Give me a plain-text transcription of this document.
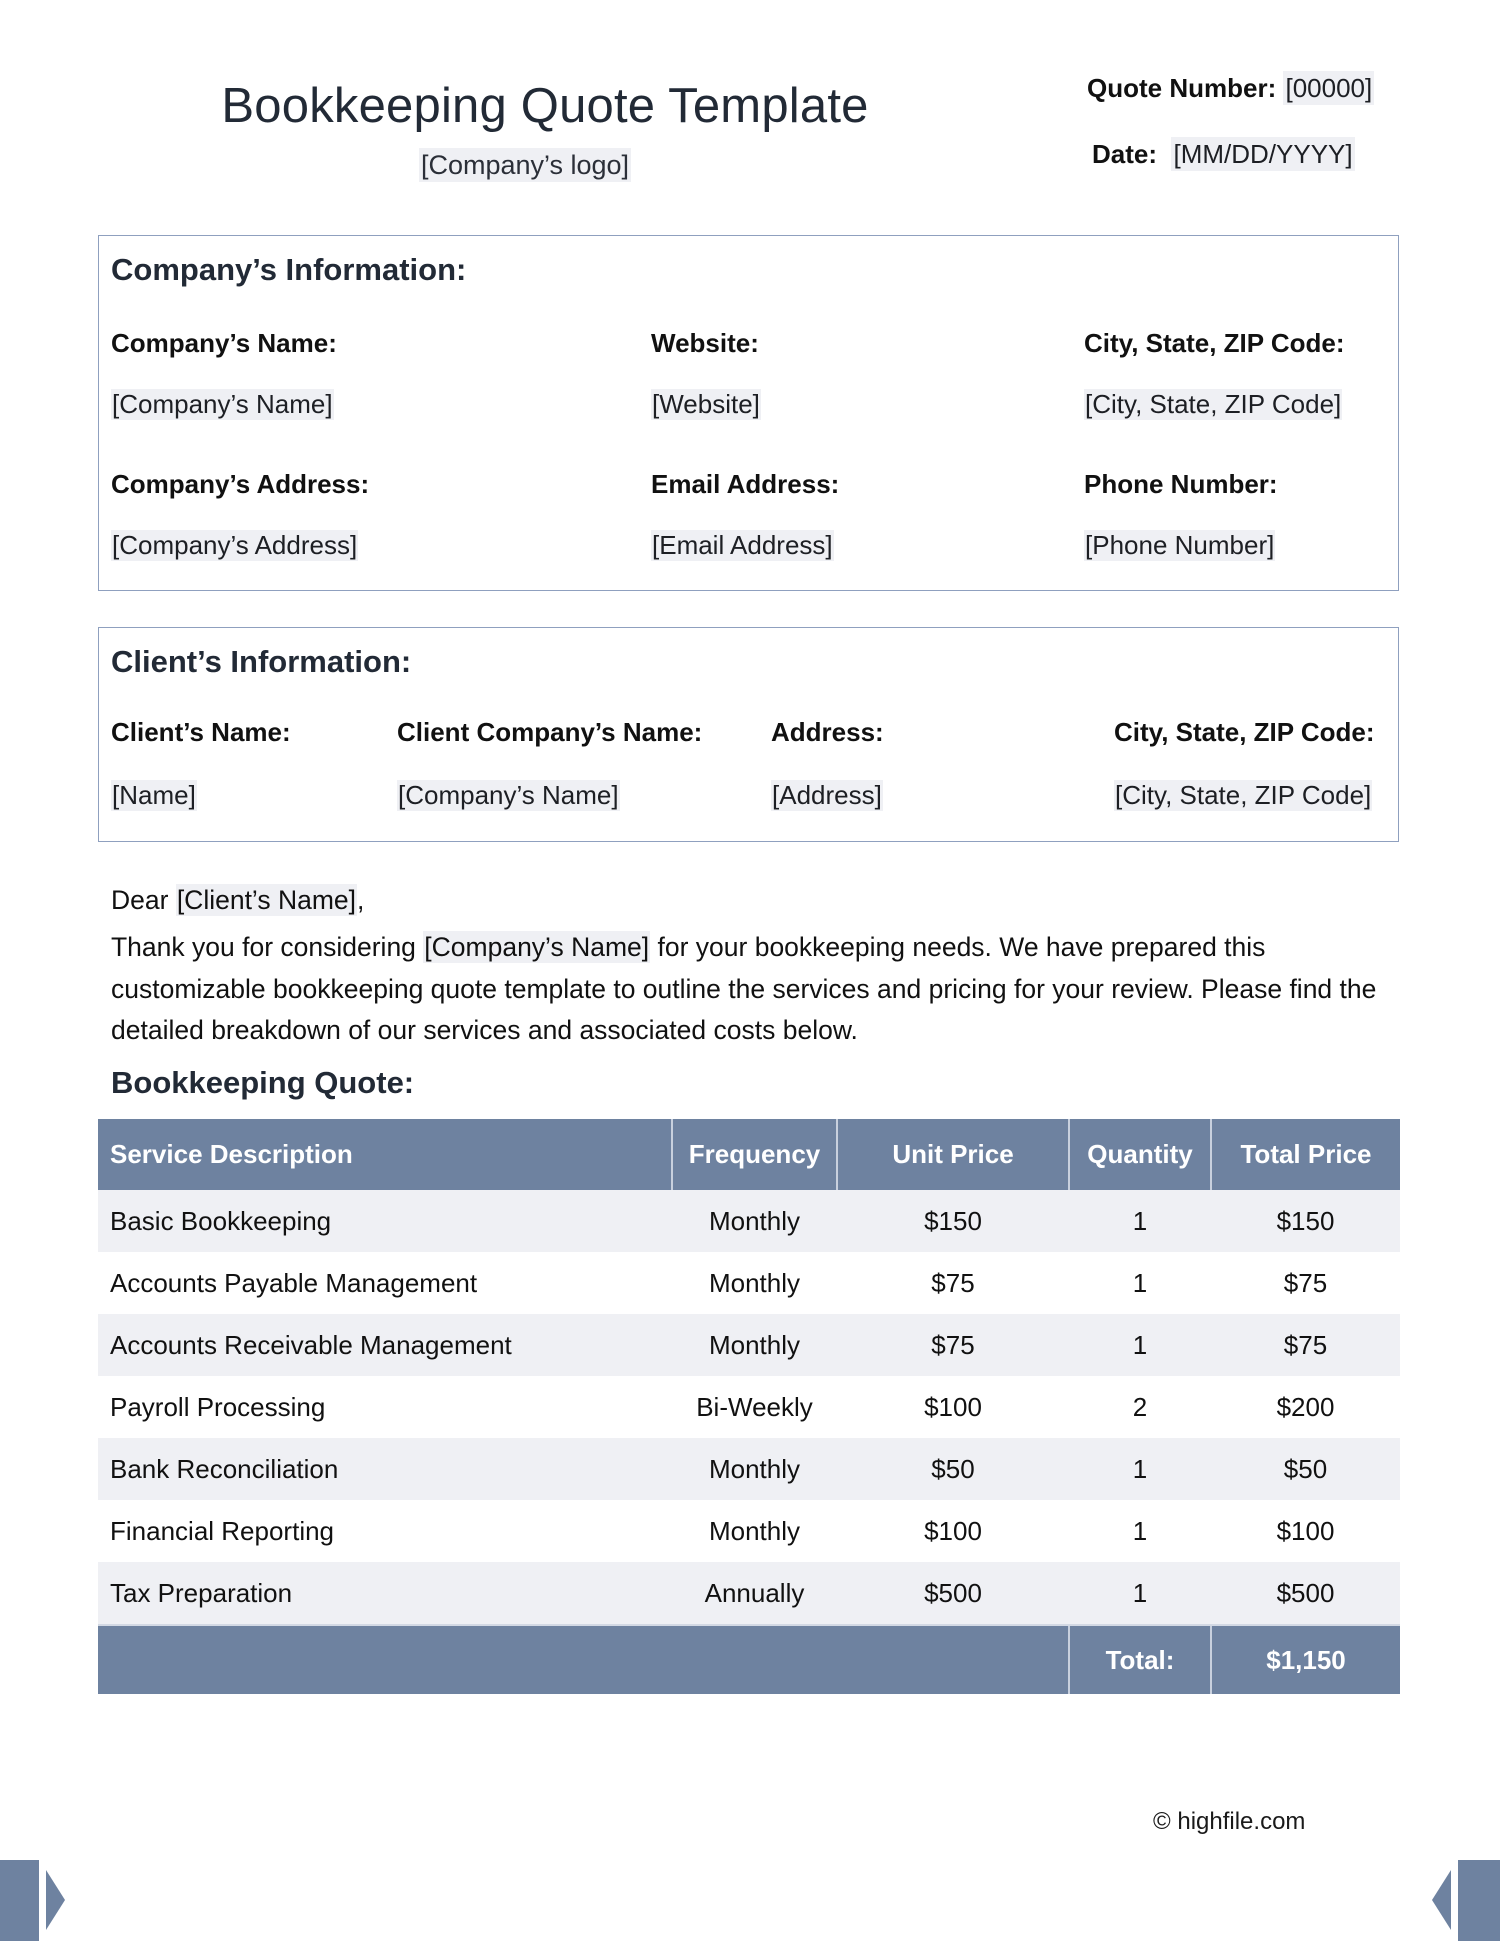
Bookkeeping Quote Template
[Company’s logo]
Quote Number: [00000]
Date: [MM/DD/YYYY]
Company’s Information:
Company’s Name:
[Company’s Name]
Website:
[Website]
City, State, ZIP Code:
[City, State, ZIP Code]
Company’s Address:
[Company’s Address]
Email Address:
[Email Address]
Phone Number:
[Phone Number]
Client’s Information:
Client’s Name:
[Name]
Client Company’s Name:
[Company’s Name]
Address:
[Address]
City, State, ZIP Code:
[City, State, ZIP Code]
Dear [Client’s Name],
Thank you for considering [Company’s Name] for your bookkeeping needs. We have prepared this customizable bookkeeping quote template to outline the services and pricing for your review. Please find the detailed breakdown of our services and associated costs below.
Bookkeeping Quote:
Service Description	Frequency	Unit Price	Quantity	Total Price
Basic Bookkeeping	Monthly	$150	1	$150
Accounts Payable Management	Monthly	$75	1	$75
Accounts Receivable Management	Monthly	$75	1	$75
Payroll Processing	Bi-Weekly	$100	2	$200
Bank Reconciliation	Monthly	$50	1	$50
Financial Reporting	Monthly	$100	1	$100
Tax Preparation	Annually	$500	1	$500
			Total:	$1,150
© highfile.com
